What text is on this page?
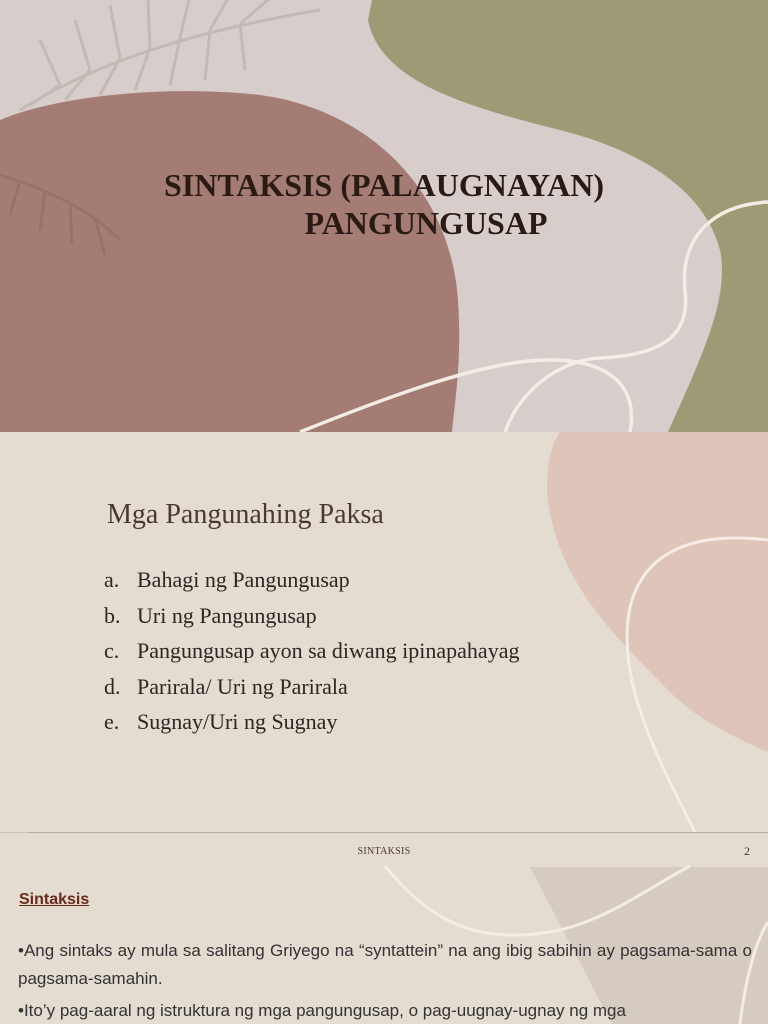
SINTAKSIS (PALAUGNAYAN)
PANGUNGUSAP
Mga Pangunahing Paksa
a. Bahagi ng Pangungusap
b. Uri ng Pangungusap
c. Pangungusap ayon sa diwang ipinapahayag
d. Parirala/ Uri ng Parirala
e. Sugnay/Uri ng Sugnay
SINTAKSIS	2
Sintaksis

•Ang sintaks ay mula sa salitang Griyego na “syntattein” na ang ibig sabihin ay pagsama-sama o pagsama-samahin.

•Ito’y pag-aaral ng istruktura ng mga pangungusap, o pag-uugnay-ugnay ng mga
